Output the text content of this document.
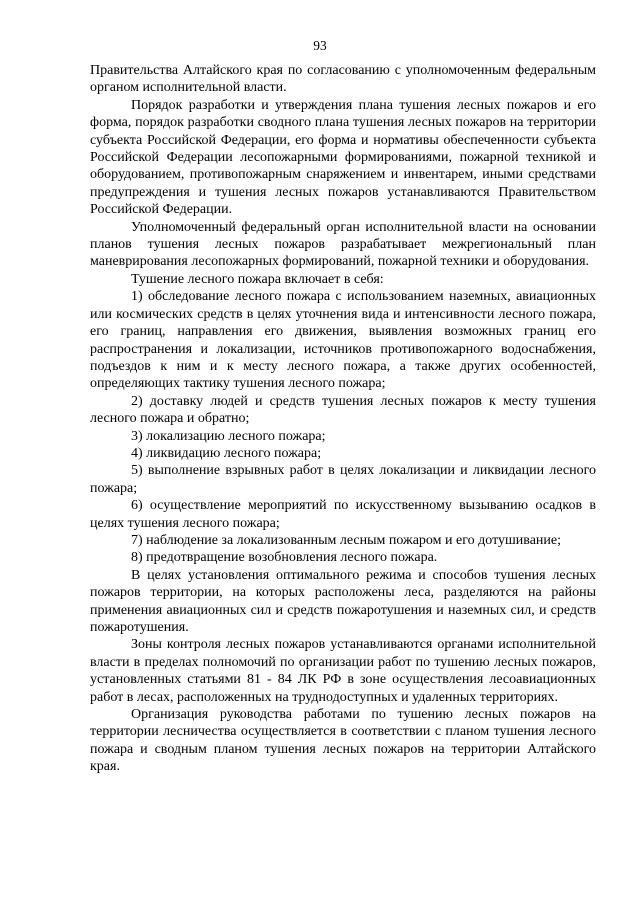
93

Правительства Алтайского края по согласованию с уполномоченным федеральным органом исполнительной власти.

Порядок разработки и утверждения плана тушения лесных пожаров и его форма, порядок разработки сводного плана тушения лесных пожаров на территории субъекта Российской Федерации, его форма и нормативы обеспеченности субъекта Российской Федерации лесопожарными формированиями, пожарной техникой и оборудованием, противопожарным снаряжением и инвентарем, иными средствами предупреждения и тушения лесных пожаров устанавливаются Правительством Российской Федерации.

Уполномоченный федеральный орган исполнительной власти на основании планов тушения лесных пожаров разрабатывает межрегиональный план маневрирования лесопожарных формирований, пожарной техники и оборудования.

Тушение лесного пожара включает в себя:

1) обследование лесного пожара с использованием наземных, авиационных или космических средств в целях уточнения вида и интенсивности лесного пожара, его границ, направления его движения, выявления возможных границ его распространения и локализации, источников противопожарного водоснабжения, подъездов к ним и к месту лесного пожара, а также других особенностей, определяющих тактику тушения лесного пожара;

2) доставку людей и средств тушения лесных пожаров к месту тушения лесного пожара и обратно;

3) локализацию лесного пожара;

4) ликвидацию лесного пожара;

5) выполнение взрывных работ в целях локализации и ликвидации лесного пожара;

6) осуществление мероприятий по искусственному вызыванию осадков в целях тушения лесного пожара;

7) наблюдение за локализованным лесным пожаром и его дотушивание;

8) предотвращение возобновления лесного пожара.

В целях установления оптимального режима и способов тушения лесных пожаров территории, на которых расположены леса, разделяются на районы применения авиационных сил и средств пожаротушения и наземных сил, и средств пожаротушения.

Зоны контроля лесных пожаров устанавливаются органами исполнительной власти в пределах полномочий по организации работ по тушению лесных пожаров, установленных статьями 81 - 84 ЛК РФ в зоне осуществления лесоавиационных работ в лесах, расположенных на труднодоступных и удаленных территориях.

Организация руководства работами по тушению лесных пожаров на территории лесничества осуществляется в соответствии с планом тушения лесного пожара и сводным планом тушения лесных пожаров на территории Алтайского края.
